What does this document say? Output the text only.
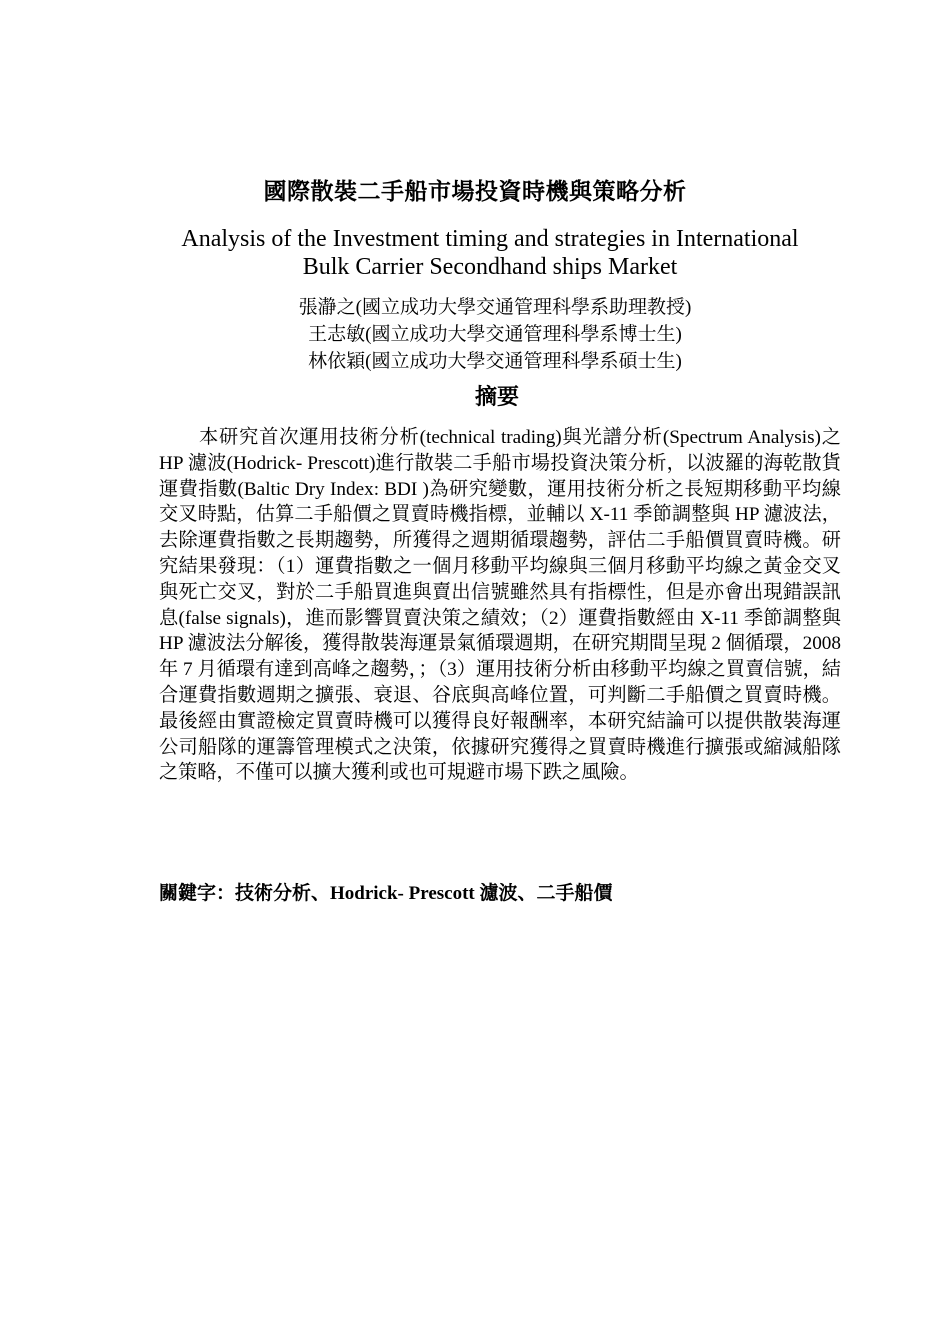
國際散裝二手船市場投資時機與策略分析
Analysis of the Investment timing and strategies in International
Bulk Carrier Secondhand ships Market
張瀞之(國立成功大學交通管理科學系助理教授)
王志敏(國立成功大學交通管理科學系博士生)
林依穎(國立成功大學交通管理科學系碩士生)
摘要
本研究首次運用技術分析(technical trading)與光譜分析(Spectrum Analysis)之 HP 濾波(Hodrick- Prescott)進行散裝二手船市場投資決策分析，以波羅的海乾散貨運費指數(Baltic Dry Index: BDI )為研究變數，運用技術分析之長短期移動平均線交叉時點，估算二手船價之買賣時機指標，並輔以 X-11 季節調整與 HP 濾波法，去除運費指數之長期趨勢，所獲得之週期循環趨勢，評估二手船價買賣時機。研究結果發現：（1）運費指數之一個月移動平均線與三個月移動平均線之黃金交叉與死亡交叉，對於二手船買進與賣出信號雖然具有指標性，但是亦會出現錯誤訊息(false signals)，進而影響買賣決策之績效；（2）運費指數經由 X-11 季節調整與 HP 濾波法分解後，獲得散裝海運景氣循環週期，在研究期間呈現 2 個循環，2008 年 7 月循環有達到高峰之趨勢，；（3）運用技術分析由移動平均線之買賣信號，結合運費指數週期之擴張、衰退、谷底與高峰位置，可判斷二手船價之買賣時機。最後經由實證檢定買賣時機可以獲得良好報酬率，本研究結論可以提供散裝海運公司船隊的運籌管理模式之決策，依據研究獲得之買賣時機進行擴張或縮減船隊之策略，不僅可以擴大獲利或也可規避市場下跌之風險。
關鍵字：技術分析、Hodrick- Prescott 濾波、二手船價
